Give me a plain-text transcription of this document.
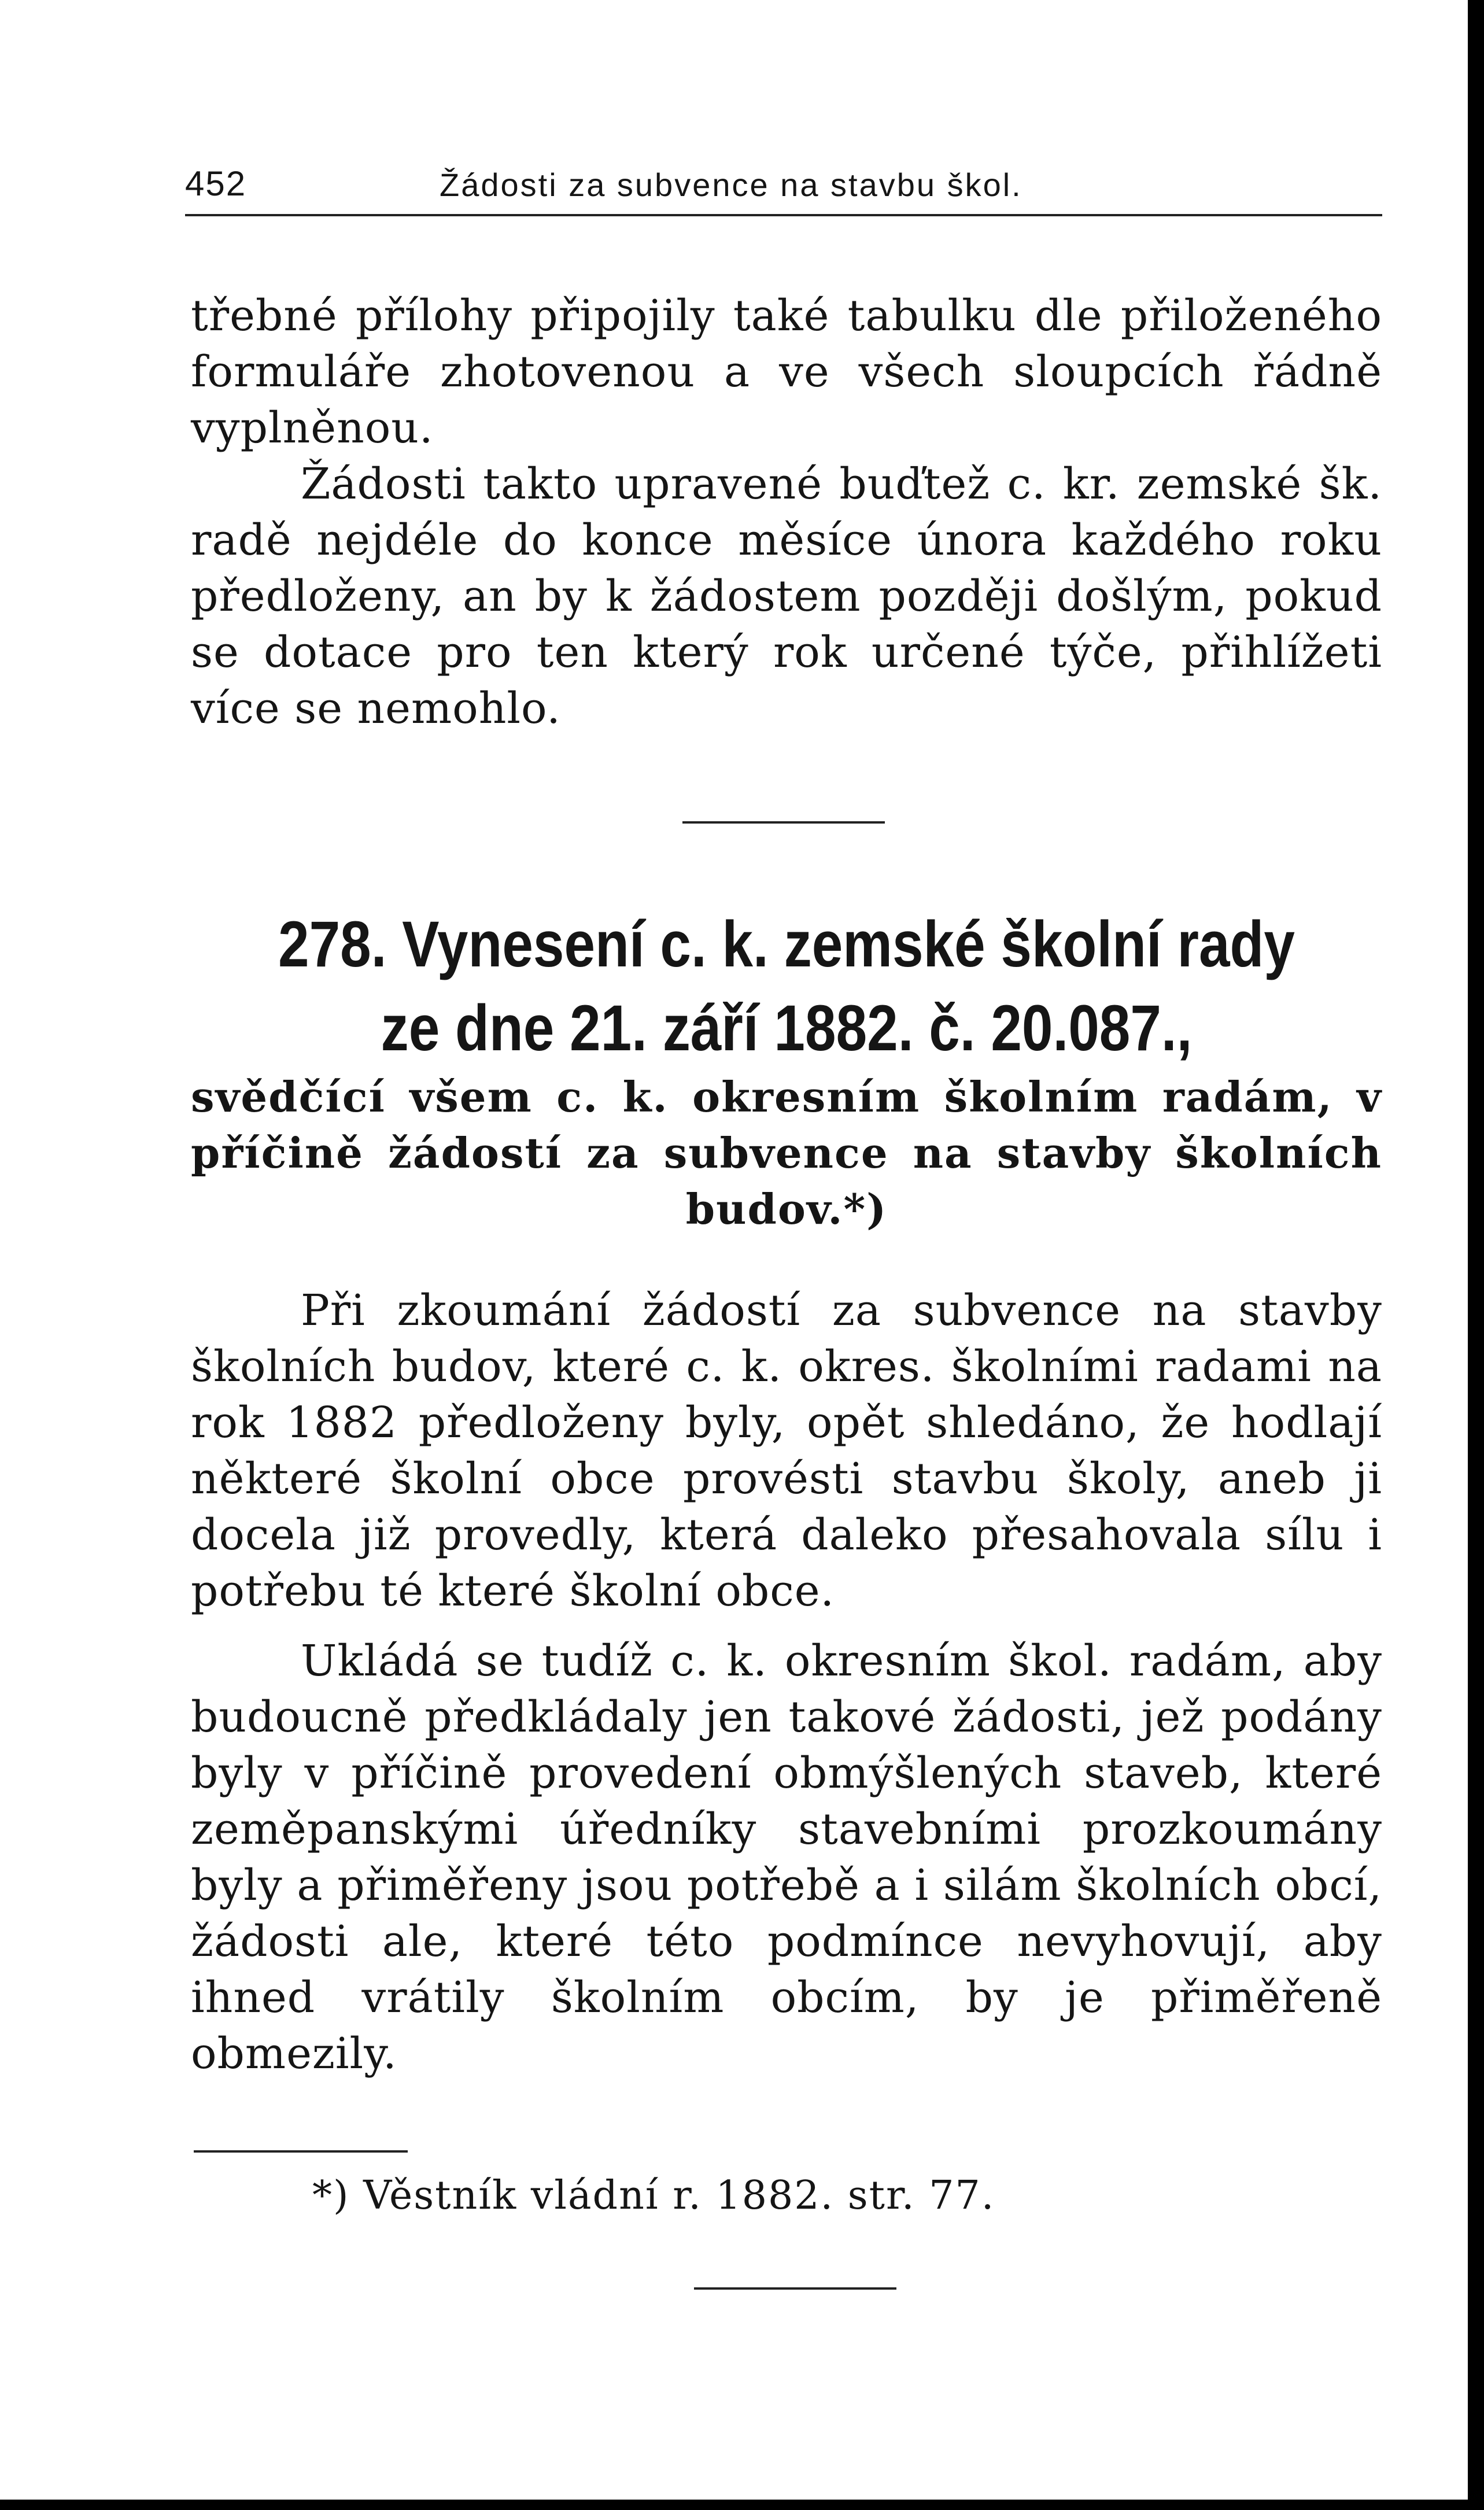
452	Žádosti za subvence na stavbu škol.

třebné přílohy připojily také tabulku dle přiloženého formuláře zhotovenou a ve všech sloupcích řádně vyplněnou.

Žádosti takto upravené buďtež c. kr. zemské šk. radě nejdéle do konce měsíce února každého roku předloženy, an by k žádostem později došlým, pokud se dotace pro ten který rok určené týče, přihlížeti více se nemohlo.

278. Vynesení c. k. zemské školní rady
ze dne 21. září 1882. č. 20.087.,

svědčící všem c. k. okresním školním radám, v příčině žádostí za subvence na stavby školních budov.*)

Při zkoumání žádostí za subvence na stavby školních budov, které c. k. okres. školními radami na rok 1882 předloženy byly, opět shledáno, že hodlají některé školní obce provésti stavbu školy, aneb ji docela již provedly, která daleko přesahovala sílu i potřebu té které školní obce.

Ukládá se tudíž c. k. okresním škol. radám, aby budoucně předkládaly jen takové žádosti, jež podány byly v příčině provedení obmýšlených staveb, které zeměpanskými úředníky stavebními prozkoumány byly a přiměřeny jsou potřebě a i silám školních obcí, žádosti ale, které této podmínce nevyhovují, aby ihned vrátily školním obcím, by je přiměřeně obmezily.

*) Věstník vládní r. 1882. str. 77.
